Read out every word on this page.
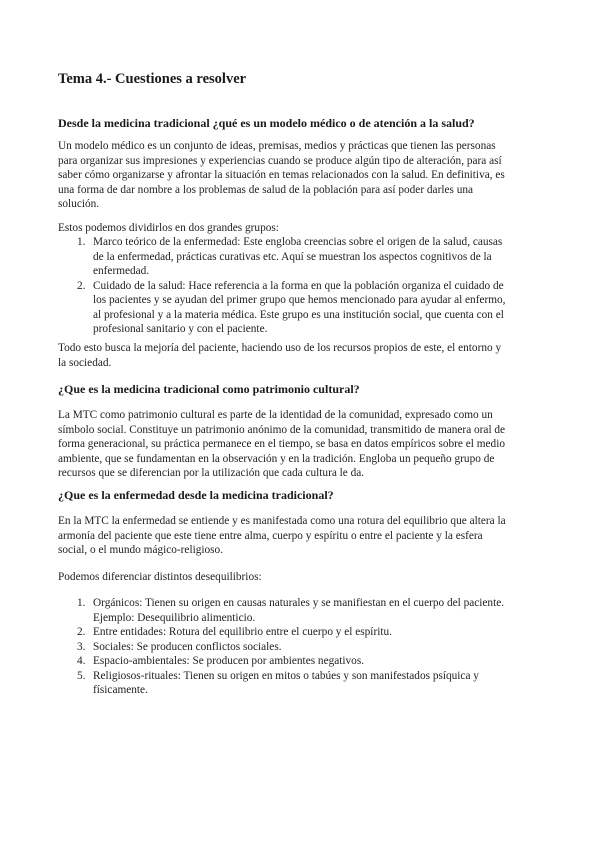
Tema 4.- Cuestiones a resolver
Desde la medicina tradicional ¿qué es un modelo médico o de atención a la salud?

Un modelo médico es un conjunto de ideas, premisas, medios y prácticas que tienen las personas
para organizar sus impresiones y experiencias cuando se produce algún tipo de alteración, para así
saber cómo organizarse y afrontar la situación en temas relacionados con la salud. En definitiva, es
una forma de dar nombre a los problemas de salud de la población para así poder darles una
solución.

Estos podemos dividirlos en dos grandes grupos:

1. Marco teórico de la enfermedad: Este engloba creencias sobre el origen de la salud, causas
de la enfermedad, prácticas curativas etc. Aquí se muestran los aspectos cognitivos de la
enfermedad.
2. Cuidado de la salud: Hace referencia a la forma en que la población organiza el cuidado de
los pacientes y se ayudan del primer grupo que hemos mencionado para ayudar al enfermo,
al profesional y a la materia médica. Este grupo es una institución social, que cuenta con el
profesional sanitario y con el paciente.

Todo esto busca la mejoría del paciente, haciendo uso de los recursos propios de este, el entorno y
la sociedad.

¿Que es la medicina tradicional como patrimonio cultural?

La MTC como patrimonio cultural es parte de la identidad de la comunidad, expresado como un
símbolo social. Constituye un patrimonio anónimo de la comunidad, transmitido de manera oral de
forma generacional, su práctica permanece en el tiempo, se basa en datos empíricos sobre el medio
ambiente, que se fundamentan en la observación y en la tradición. Engloba un pequeño grupo de
recursos que se diferencian por la utilización que cada cultura le da.

¿Que es la enfermedad desde la medicina tradicional?

En la MTC la enfermedad se entiende y es manifestada como una rotura del equilibrio que altera la
armonía del paciente que este tiene entre alma, cuerpo y espíritu o entre el paciente y la esfera
social, o el mundo mágico-religioso.

Podemos diferenciar distintos desequilibrios:

1. Orgánicos: Tienen su origen en causas naturales y se manifiestan en el cuerpo del paciente.
Ejemplo: Desequilibrio alimenticio.
2. Entre entidades: Rotura del equilibrio entre el cuerpo y el espíritu.
3. Sociales: Se producen conflictos sociales.
4. Espacio-ambientales: Se producen por ambientes negativos.
5. Religiosos-rituales: Tienen su origen en mitos o tabúes y son manifestados psíquica y
físicamente.
